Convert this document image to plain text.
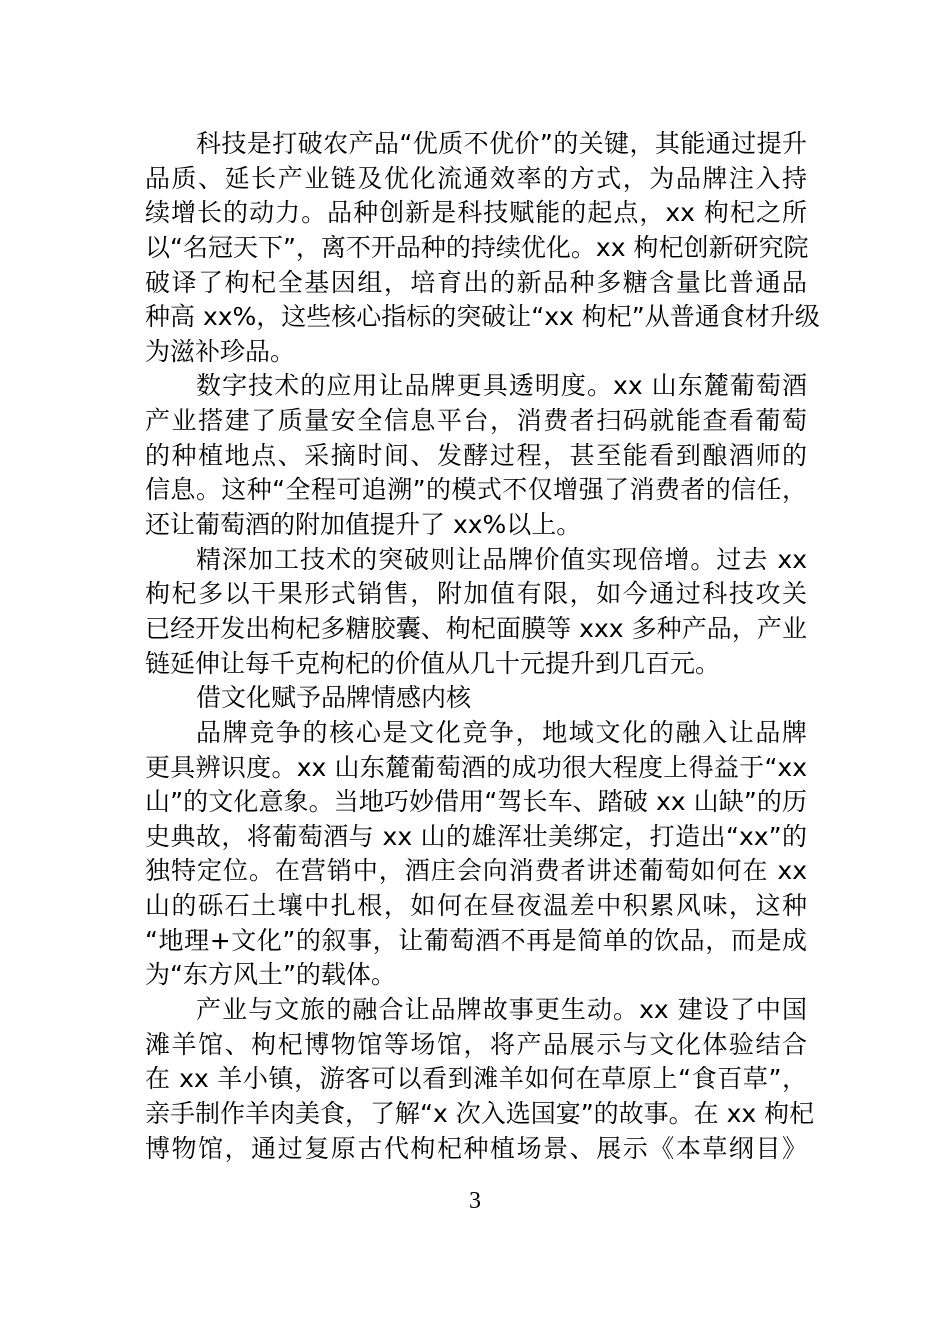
科技是打破农产品“优质不优价”的关键，其能通过提升
品质、延长产业链及优化流通效率的方式，为品牌注入持
续增长的动力。品种创新是科技赋能的起点，xx 枸杞之所
以“名冠天下”，离不开品种的持续优化。xx 枸杞创新研究院
破译了枸杞全基因组，培育出的新品种多糖含量比普通品
种高 xx%，这些核心指标的突破让“xx 枸杞”从普通食材升级
为滋补珍品。
数字技术的应用让品牌更具透明度。xx 山东麓葡萄酒
产业搭建了质量安全信息平台，消费者扫码就能查看葡萄
的种植地点、采摘时间、发酵过程，甚至能看到酿酒师的
信息。这种“全程可追溯”的模式不仅增强了消费者的信任，
还让葡萄酒的附加值提升了 xx%以上。
精深加工技术的突破则让品牌价值实现倍增。过去 xx
枸杞多以干果形式销售，附加值有限，如今通过科技攻关
已经开发出枸杞多糖胶囊、枸杞面膜等 xxx 多种产品，产业
链延伸让每千克枸杞的价值从几十元提升到几百元。
借文化赋予品牌情感内核
品牌竞争的核心是文化竞争，地域文化的融入让品牌
更具辨识度。xx 山东麓葡萄酒的成功很大程度上得益于“xx
山”的文化意象。当地巧妙借用“驾长车、踏破 xx 山缺”的历
史典故，将葡萄酒与 xx 山的雄浑壮美绑定，打造出“xx”的
独特定位。在营销中，酒庄会向消费者讲述葡萄如何在 xx
山的砾石土壤中扎根，如何在昼夜温差中积累风味，这种
“地理+文化”的叙事，让葡萄酒不再是简单的饮品，而是成
为“东方风土”的载体。
产业与文旅的融合让品牌故事更生动。xx 建设了中国
滩羊馆、枸杞博物馆等场馆，将产品展示与文化体验结合
在 xx 羊小镇，游客可以看到滩羊如何在草原上“食百草”，
亲手制作羊肉美食，了解“x 次入选国宴”的故事。在 xx 枸杞
博物馆，通过复原古代枸杞种植场景、展示《本草纲目》
3
